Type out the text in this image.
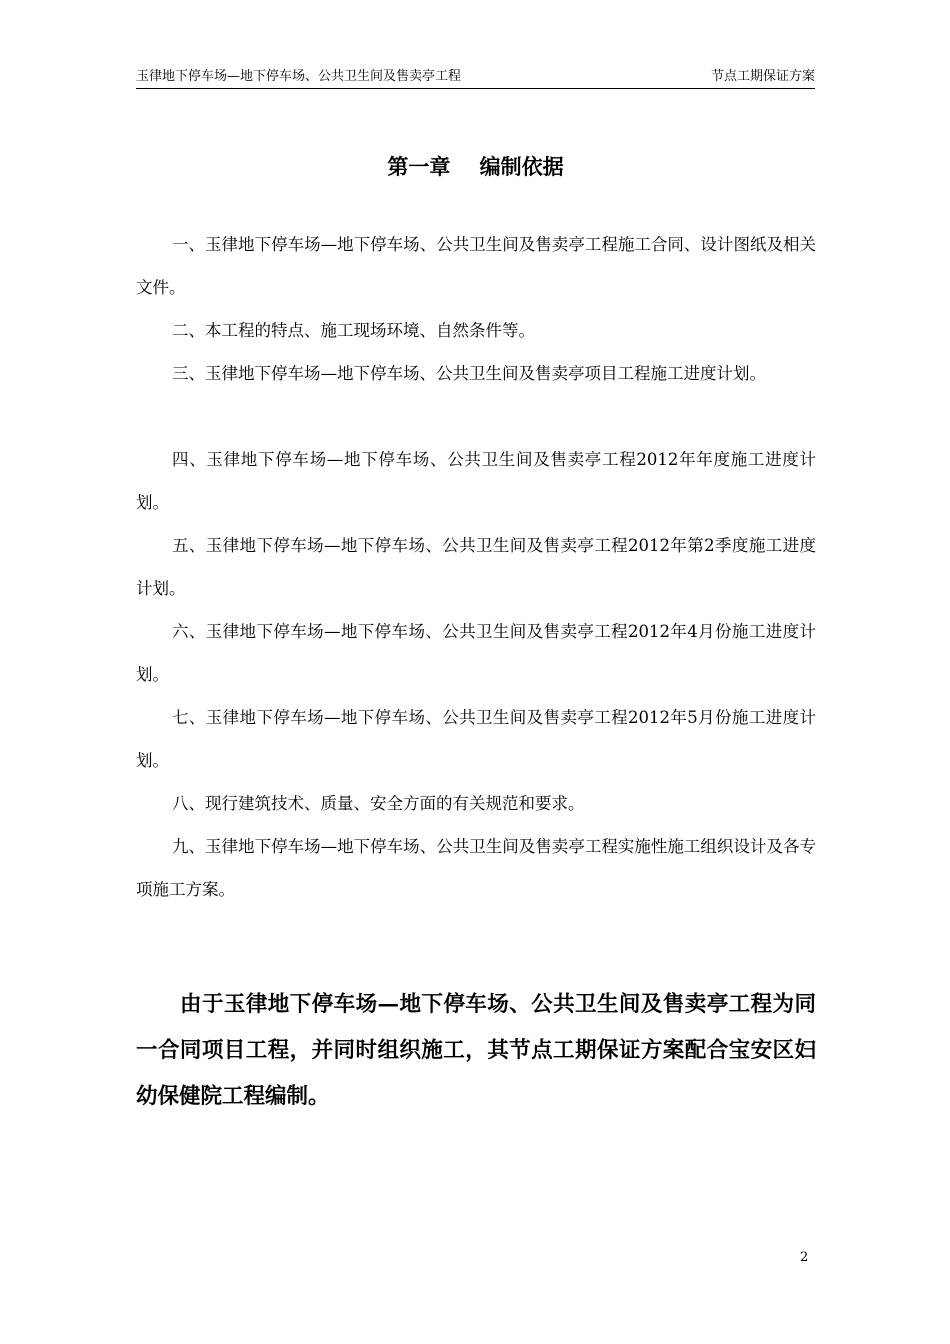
玉律地下停车场—地下停车场、公共卫生间及售卖亭工程	节点工期保证方案
第一章    编制依据
一、玉律地下停车场—地下停车场、公共卫生间及售卖亭工程施工合同、设计图纸及相关文件。
二、本工程的特点、施工现场环境、自然条件等。
三、玉律地下停车场—地下停车场、公共卫生间及售卖亭项目工程施工进度计划。
四、玉律地下停车场—地下停车场、公共卫生间及售卖亭工程2012年年度施工进度计划。
五、玉律地下停车场—地下停车场、公共卫生间及售卖亭工程2012年第2季度施工进度计划。
六、玉律地下停车场—地下停车场、公共卫生间及售卖亭工程2012年4月份施工进度计划。
七、玉律地下停车场—地下停车场、公共卫生间及售卖亭工程2012年5月份施工进度计划。
八、现行建筑技术、质量、安全方面的有关规范和要求。
九、玉律地下停车场—地下停车场、公共卫生间及售卖亭工程实施性施工组织设计及各专项施工方案。
由于玉律地下停车场—地下停车场、公共卫生间及售卖亭工程为同一合同项目工程，并同时组织施工，其节点工期保证方案配合宝安区妇幼保健院工程编制。
2
